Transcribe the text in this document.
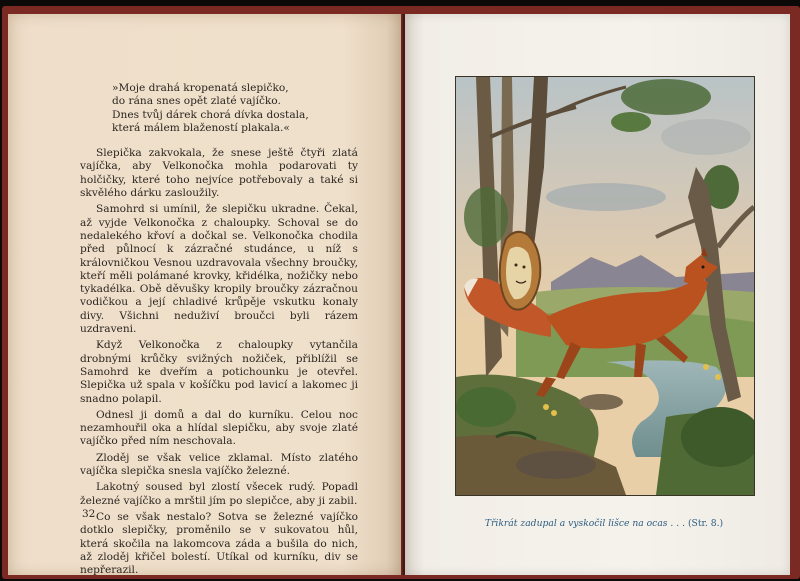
»Moje drahá kropenatá slepičko,
do rána snes opět zlaté vajíčko.
Dnes tvůj dárek chorá dívka dostala,
která málem blažeností plakala.«

Slepička zakvokala, že snese ještě čtyři zlatá vajíčka, aby Velkonočka mohla podarovati ty holčičky, které toho nejvíce potřebovaly a také si skvělého dárku zasloužily.

Samohrd si umínil, že slepičku ukradne. Čekal, až vyjde Velkonočka z chaloupky. Schoval se do nedalekého křoví a dočkal se. Velkonočka chodila před půlnocí k zázračné studánce, u níž s královničkou Vesnou uzdravovala všechny broučky, kteří měli polámané krovky, křidélka, nožičky nebo tykadélka. Obě děvušky kropily broučky zázračnou vodičkou a její chladivé krůpěje vskutku konaly divy. Všichni neduživí broučci byli rázem uzdraveni.

Když Velkonočka z chaloupky vytančila drobnými krůčky svižných nožiček, přiblížil se Samohrd ke dveřím a potichounku je otevřel. Slepička už spala v košíčku pod lavicí a lakomec ji snadno polapil.

Odnesl ji domů a dal do kurníku. Celou noc nezamhouřil oka a hlídal slepičku, aby svoje zlaté vajíčko před ním neschovala.

Zloděj se však velice zklamal. Místo zlatého vajíčka slepička snesla vajíčko železné.

Lakotný soused byl zlostí všecek rudý. Popadl železné vajíčko a mrštil jím po slepičce, aby ji zabil.

Co se však nestalo? Sotva se železné vajíčko dotklo slepičky, proměnilo se v sukovatou hůl, která skočila na lakomcova záda a bušila do nich, až zloděj křičel bolestí. Utíkal od kurníku, div se nepřerazil.

32
Třikrát zadupal a vyskočil lišce na ocas . . . (Str. 8.)
